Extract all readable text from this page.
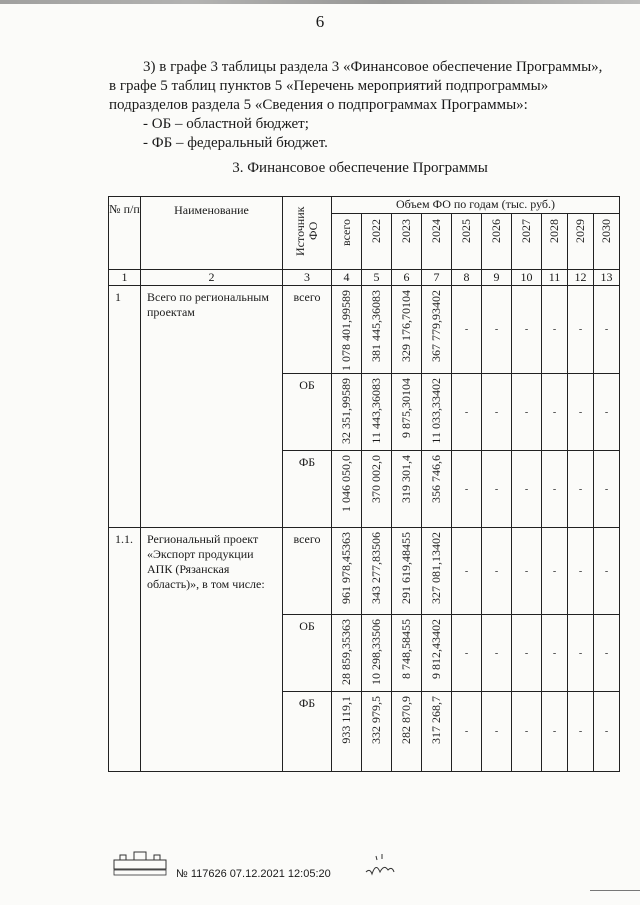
6

3) в графе 3 таблицы раздела 3 «Финансовое обеспечение Программы»,

в графе 5 таблиц пунктов 5 «Перечень мероприятий подпрограммы»

подразделов раздела 5 «Сведения о подпрограммах Программы»:

- ОБ – областной бюджет;

- ФБ – федеральный бюджет.

3. Финансовое обеспечение Программы
№ п/п	Наименование	Источник ФО	Объем ФО по годам (тыс. руб.)									

			всего	2022	2023	2024	2025	2026	2027	2028	2029	2030

1	2	3	4	5	6	7	8	9	10	11	12	13
1	Всего по региональным проектам	всего	1 078 401,99589	381 445,36083	329 176,70104	367 779,93402	-	-	-	-	-	-
		ОБ	32 351,99589	11 443,36083	9 875,30104	11 033,33402	-	-	-	-	-	-
		ФБ	1 046 050,0	370 002,0	319 301,4	356 746,6	-	-	-	-	-	-
1.1.	Региональный проект «Экспорт продукции АПК (Рязанская область)», в том числе:	всего	961 978,45363	343 277,83506	291 619,48455	327 081,13402	-	-	-	-	-	-
		ОБ	28 859,35363	10 298,33506	8 748,58455	9 812,43402	-	-	-	-	-	-
		ФБ	933 119,1	332 979,5	282 870,9	317 268,7	-	-	-	-	-	-
№ 117626 07.12.2021 12:05:20
